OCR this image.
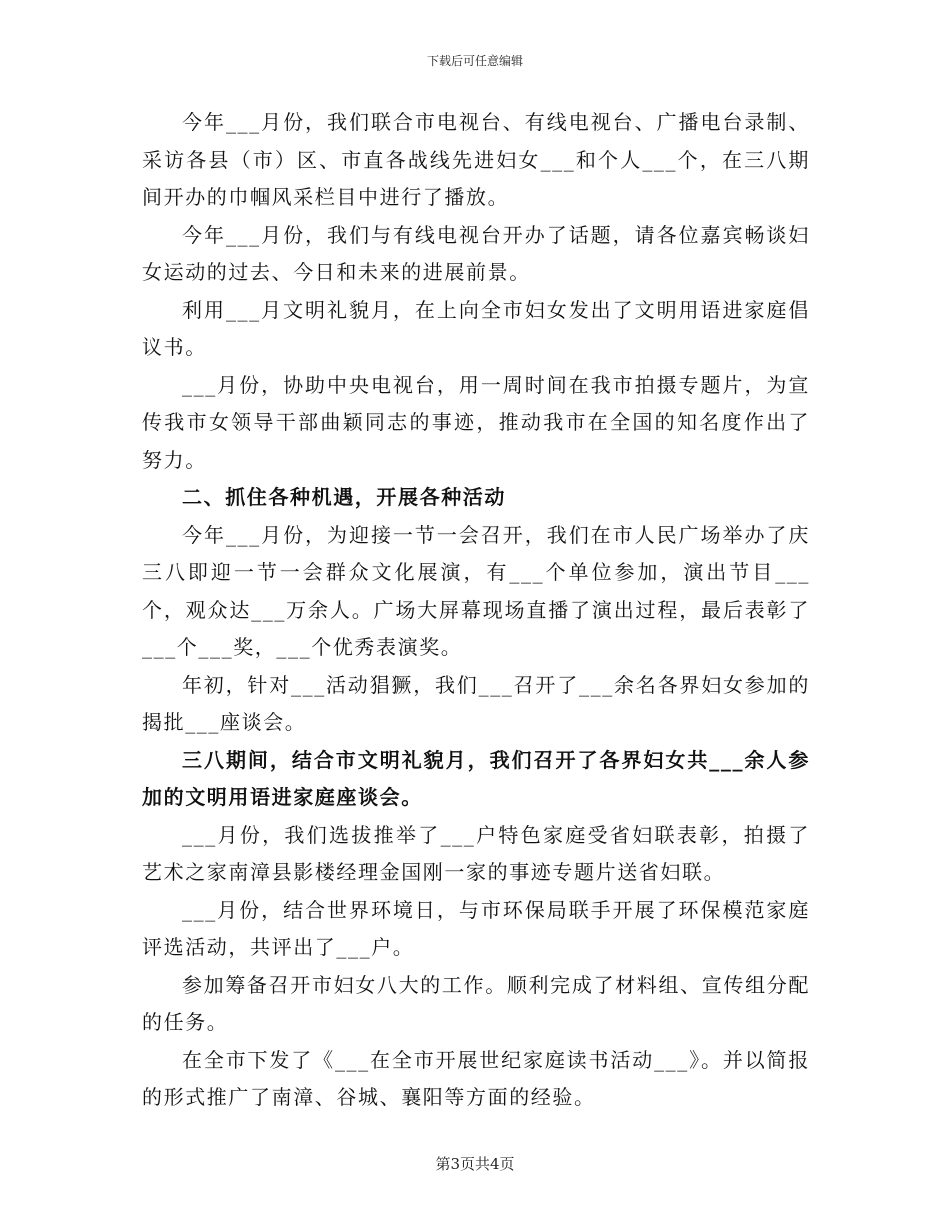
下载后可任意编辑

今年___月份，我们联合市电视台、有线电视台、广播电台录制、采访各县（市）区、市直各战线先进妇女___和个人___个，在三八期间开办的巾帼风采栏目中进行了播放。

今年___月份，我们与有线电视台开办了话题，请各位嘉宾畅谈妇女运动的过去、今日和未来的进展前景。

利用___月文明礼貌月，在上向全市妇女发出了文明用语进家庭倡议书。

___月份，协助中央电视台，用一周时间在我市拍摄专题片，为宣传我市女领导干部曲颖同志的事迹，推动我市在全国的知名度作出了努力。

二、抓住各种机遇，开展各种活动

今年___月份，为迎接一节一会召开，我们在市人民广场举办了庆三八即迎一节一会群众文化展演，有___个单位参加，演出节目___个，观众达___万余人。广场大屏幕现场直播了演出过程，最后表彰了___个___奖，___个优秀表演奖。

年初，针对___活动猖獗，我们___召开了___余名各界妇女参加的揭批___座谈会。

三八期间，结合市文明礼貌月，我们召开了各界妇女共___余人参加的文明用语进家庭座谈会。

___月份，我们选拔推举了___户特色家庭受省妇联表彰，拍摄了艺术之家南漳县影楼经理金国刚一家的事迹专题片送省妇联。

___月份，结合世界环境日，与市环保局联手开展了环保模范家庭评选活动，共评出了___户。

参加筹备召开市妇女八大的工作。顺利完成了材料组、宣传组分配的任务。

在全市下发了《___在全市开展世纪家庭读书活动___》。并以简报的形式推广了南漳、谷城、襄阳等方面的经验。

第3页共4页
